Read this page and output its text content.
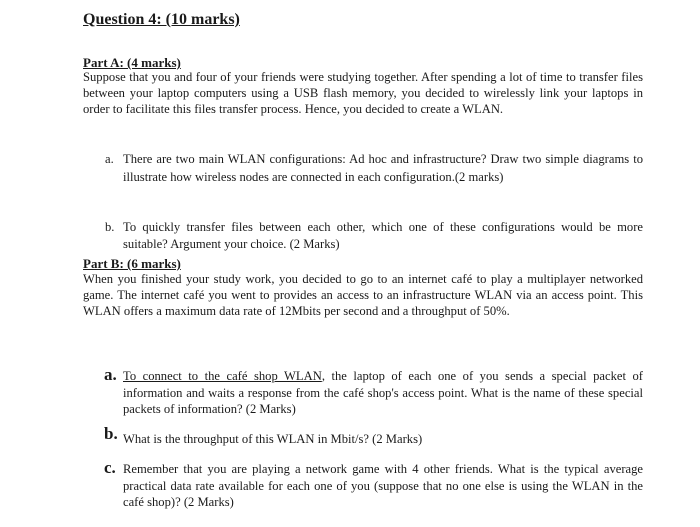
Question 4: (10 marks)
Part A: (4 marks)
Suppose that you and four of your friends were studying together. After spending a lot of time to transfer files between your laptop computers using a USB flash memory, you decided to wirelessly link your laptops in order to facilitate this files transfer process. Hence, you decided to create a WLAN.
a. There are two main WLAN configurations: Ad hoc and infrastructure? Draw two simple diagrams to illustrate how wireless nodes are connected in each configuration.(2 marks)
b. To quickly transfer files between each other, which one of these configurations would be more suitable? Argument your choice. (2 Marks)
Part B: (6 marks)
When you finished your study work, you decided to go to an internet café to play a multiplayer networked game. The internet café you went to provides an access to an infrastructure WLAN via an access point. This WLAN offers a maximum data rate of 12Mbits per second and a throughput of 50%.
a. To connect to the café shop WLAN, the laptop of each one of you sends a special packet of information and waits a response from the café shop's access point. What is the name of these special packets of information? (2 Marks)
b. What is the throughput of this WLAN in Mbit/s? (2 Marks)
c. Remember that you are playing a network game with 4 other friends. What is the typical average practical data rate available for each one of you (suppose that no one else is using the WLAN in the café shop)? (2 Marks)
